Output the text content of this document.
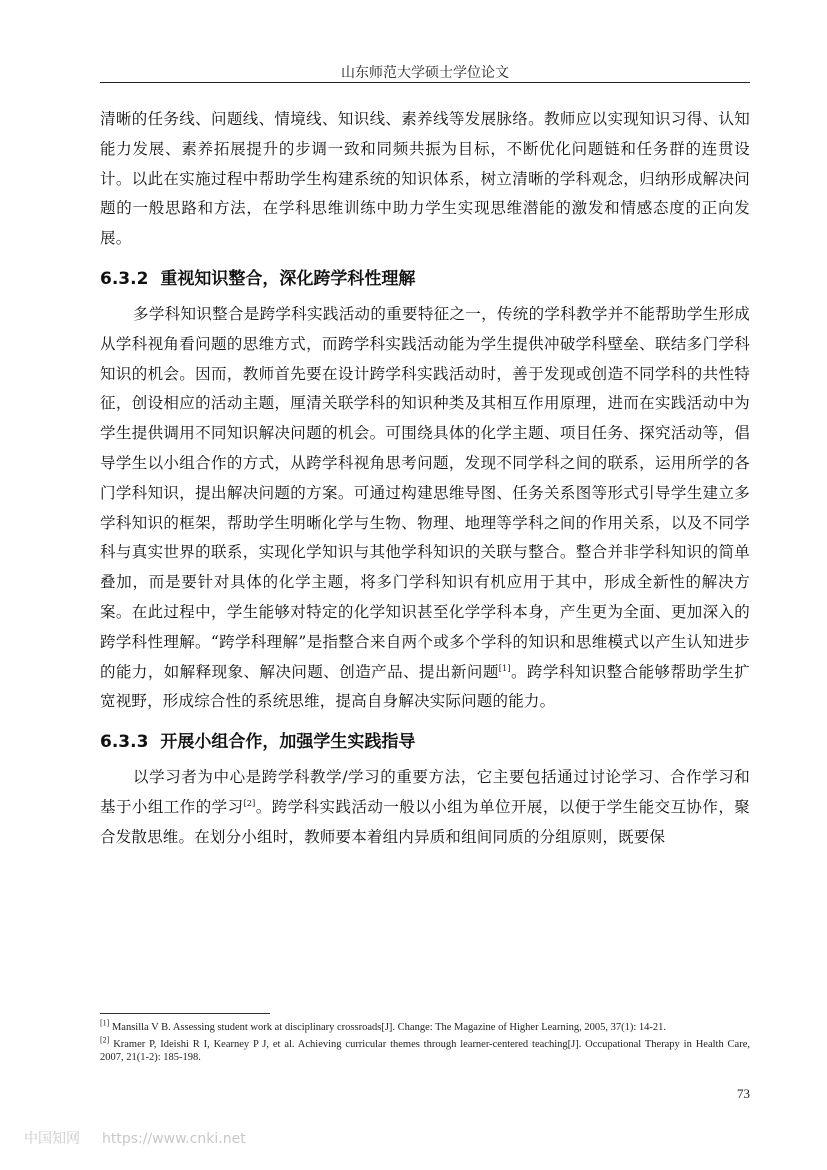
山东师范大学硕士学位论文

清晰的任务线、问题线、情境线、知识线、素养线等发展脉络。教师应以实现知识习得、认知能力发展、素养拓展提升的步调一致和同频共振为目标，不断优化问题链和任务群的连贯设计。以此在实施过程中帮助学生构建系统的知识体系，树立清晰的学科观念，归纳形成解决问题的一般思路和方法，在学科思维训练中助力学生实现思维潜能的激发和情感态度的正向发展。

6.3.2 重视知识整合，深化跨学科性理解

多学科知识整合是跨学科实践活动的重要特征之一，传统的学科教学并不能帮助学生形成从学科视角看问题的思维方式，而跨学科实践活动能为学生提供冲破学科壁垒、联结多门学科知识的机会。因而，教师首先要在设计跨学科实践活动时，善于发现或创造不同学科的共性特征，创设相应的活动主题，厘清关联学科的知识种类及其相互作用原理，进而在实践活动中为学生提供调用不同知识解决问题的机会。可围绕具体的化学主题、项目任务、探究活动等，倡导学生以小组合作的方式，从跨学科视角思考问题，发现不同学科之间的联系，运用所学的各门学科知识，提出解决问题的方案。可通过构建思维导图、任务关系图等形式引导学生建立多学科知识的框架，帮助学生明晰化学与生物、物理、地理等学科之间的作用关系，以及不同学科与真实世界的联系，实现化学知识与其他学科知识的关联与整合。整合并非学科知识的简单叠加，而是要针对具体的化学主题，将多门学科知识有机应用于其中，形成全新性的解决方案。在此过程中，学生能够对特定的化学知识甚至化学学科本身，产生更为全面、更加深入的跨学科性理解。“跨学科理解”是指整合来自两个或多个学科的知识和思维模式以产生认知进步的能力，如解释现象、解决问题、创造产品、提出新问题[1]。跨学科知识整合能够帮助学生扩宽视野，形成综合性的系统思维，提高自身解决实际问题的能力。

6.3.3 开展小组合作，加强学生实践指导

以学习者为中心是跨学科教学/学习的重要方法，它主要包括通过讨论学习、合作学习和基于小组工作的学习[2]。跨学科实践活动一般以小组为单位开展，以便于学生能交互协作，聚合发散思维。在划分小组时，教师要本着组内异质和组间同质的分组原则，既要保

[1] Mansilla V B. Assessing student work at disciplinary crossroads[J]. Change: The Magazine of Higher Learning, 2005, 37(1): 14-21.

[2] Kramer P, Ideishi R I, Kearney P J, et al. Achieving curricular themes through learner-centered teaching[J]. Occupational Therapy in Health Care, 2007, 21(1-2): 185-198.

73
中国知网 https://www.cnki.net
